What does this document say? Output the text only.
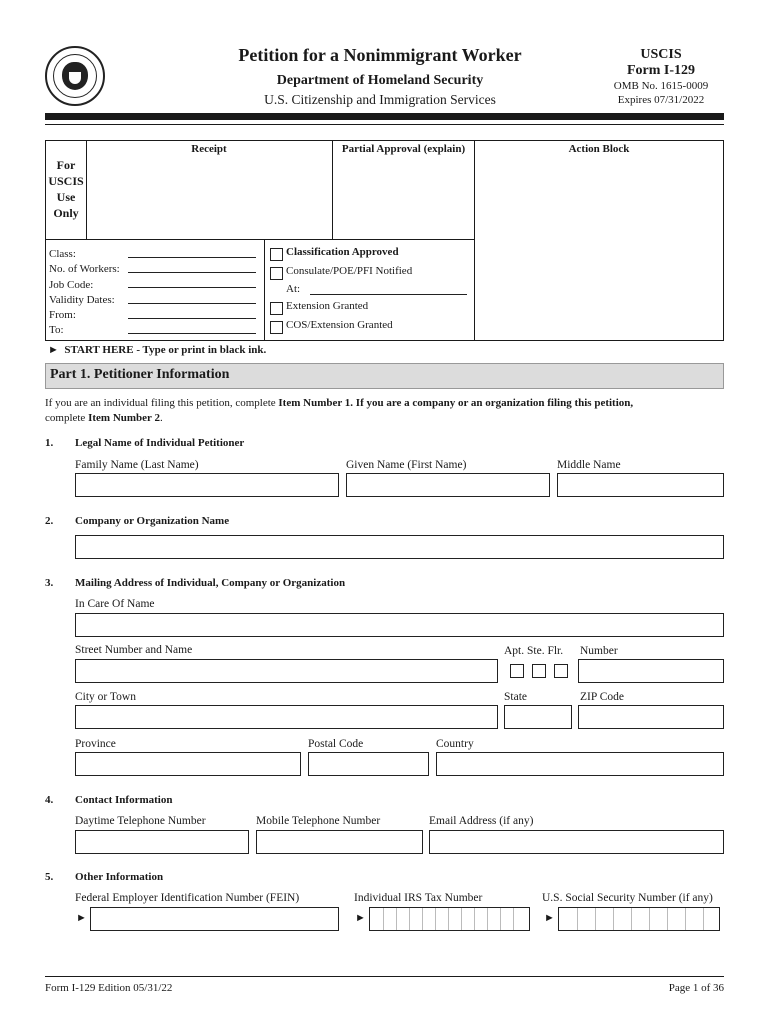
Petition for a Nonimmigrant Worker
Department of Homeland Security
U.S. Citizenship and Immigration Services
USCIS
Form I-129
OMB No. 1615-0009
Expires 07/31/2022
For
USCIS
Use
Only
Receipt	Partial Approval (explain)	Action Block
Class:
No. of Workers:
Job Code:
Validity Dates:
From:
To:
Classification Approved
Consulate/POE/PFI Notified
At:
Extension Granted
COS/Extension Granted
► START HERE - Type or print in black ink.
Part 1. Petitioner Information
If you are an individual filing this petition, complete Item Number 1. If you are a company or an organization filing this petition,
complete Item Number 2.
1. Legal Name of Individual Petitioner
Family Name (Last Name)	Given Name (First Name)	Middle Name
2. Company or Organization Name
3. Mailing Address of Individual, Company or Organization
In Care Of Name
Street Number and Name	Apt. Ste. Flr. Number
City or Town	State	ZIP Code
Province	Postal Code	Country
4. Contact Information
Daytime Telephone Number	Mobile Telephone Number	Email Address (if any)
5. Other Information
Federal Employer Identification Number (FEIN)	Individual IRS Tax Number	U.S. Social Security Number (if any)
►	►	►
Form I-129 Edition 05/31/22	Page 1 of 36
